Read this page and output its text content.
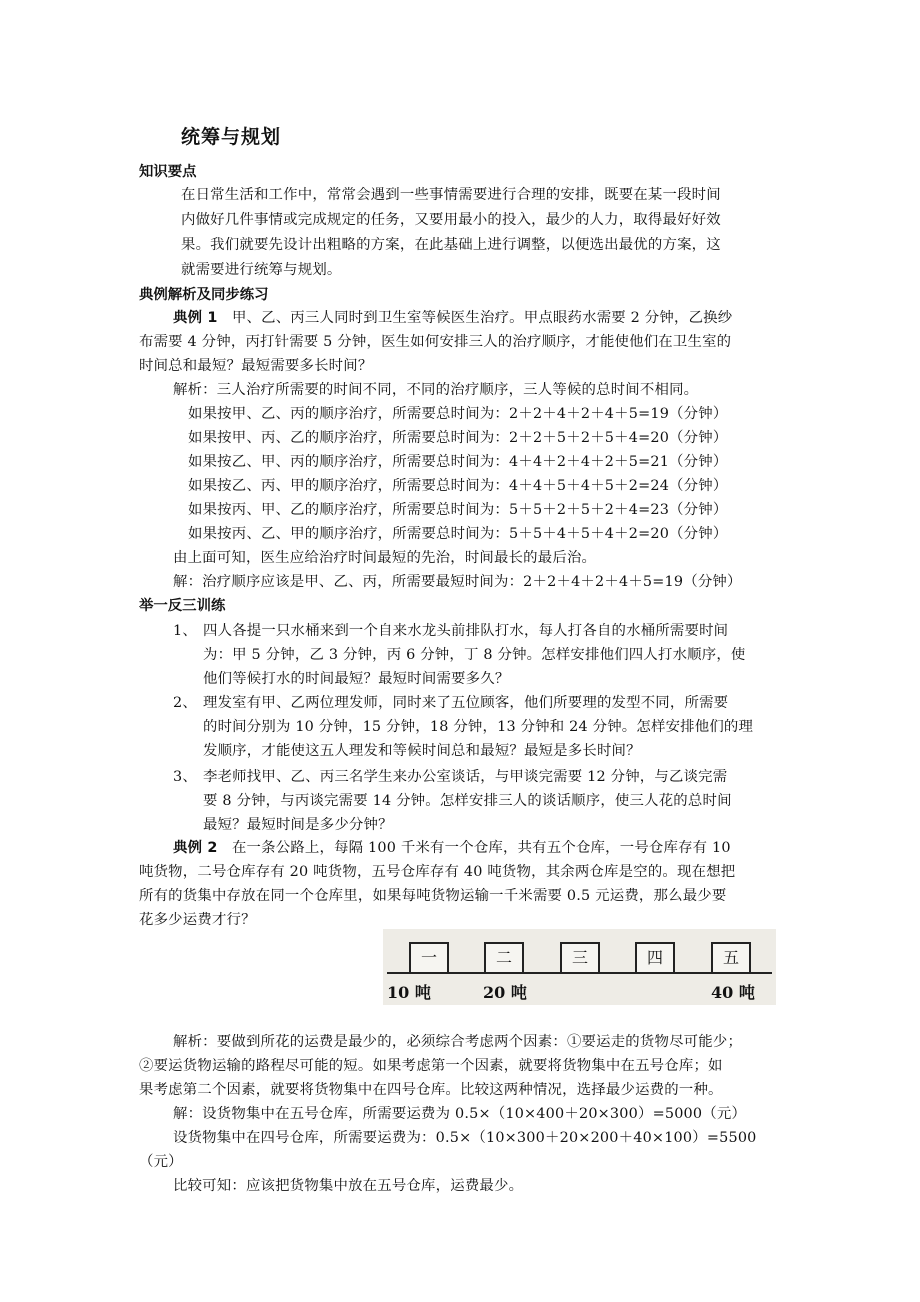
统筹与规划
知识要点
在日常生活和工作中，常常会遇到一些事情需要进行合理的安排，既要在某一段时间
内做好几件事情或完成规定的任务，又要用最小的投入，最少的人力，取得最好好效
果。我们就要先设计出粗略的方案，在此基础上进行调整，以便选出最优的方案，这
就需要进行统筹与规划。
典例解析及同步练习
典例 1 甲、乙、丙三人同时到卫生室等候医生治疗。甲点眼药水需要 2 分钟，乙换纱
布需要 4 分钟，丙打针需要 5 分钟，医生如何安排三人的治疗顺序，才能使他们在卫生室的
时间总和最短？最短需要多长时间？
解析：三人治疗所需要的时间不同，不同的治疗顺序，三人等候的总时间不相同。
如果按甲、乙、丙的顺序治疗，所需要总时间为：2＋2＋4＋2＋4＋5=19（分钟）
如果按甲、丙、乙的顺序治疗，所需要总时间为：2＋2＋5＋2＋5＋4=20（分钟）
如果按乙、甲、丙的顺序治疗，所需要总时间为：4＋4＋2＋4＋2＋5=21（分钟）
如果按乙、丙、甲的顺序治疗，所需要总时间为：4＋4＋5＋4＋5＋2=24（分钟）
如果按丙、甲、乙的顺序治疗，所需要总时间为：5＋5＋2＋5＋2＋4=23（分钟）
如果按丙、乙、甲的顺序治疗，所需要总时间为：5＋5＋4＋5＋4＋2=20（分钟）
由上面可知，医生应给治疗时间最短的先治，时间最长的最后治。
解：治疗顺序应该是甲、乙、丙，所需要最短时间为：2＋2＋4＋2＋4＋5=19（分钟）
举一反三训练
1、 四人各提一只水桶来到一个自来水龙头前排队打水，每人打各自的水桶所需要时间
为：甲 5 分钟，乙 3 分钟，丙 6 分钟，丁 8 分钟。怎样安排他们四人打水顺序，使
他们等候打水的时间最短？最短时间需要多久？
2、 理发室有甲、乙两位理发师，同时来了五位顾客，他们所要理的发型不同，所需要
的时间分别为 10 分钟，15 分钟，18 分钟，13 分钟和 24 分钟。怎样安排他们的理
发顺序，才能使这五人理发和等候时间总和最短？最短是多长时间？
3、 李老师找甲、乙、丙三名学生来办公室谈话，与甲谈完需要 12 分钟，与乙谈完需
要 8 分钟，与丙谈完需要 14 分钟。怎样安排三人的谈话顺序，使三人花的总时间
最短？最短时间是多少分钟？
典例 2 在一条公路上，每隔 100 千米有一个仓库，共有五个仓库，一号仓库存有 10
吨货物，二号仓库存有 20 吨货物，五号仓库存有 40 吨货物，其余两仓库是空的。现在想把
所有的货集中存放在同一个仓库里，如果每吨货物运输一千米需要 0.5 元运费，那么最少要
花多少运费才行？
一	二	三	四	五
10 吨	20 吨	40 吨
解析：要做到所花的运费是最少的，必须综合考虑两个因素：①要运走的货物尽可能少；
②要运货物运输的路程尽可能的短。如果考虑第一个因素，就要将货物集中在五号仓库；如
果考虑第二个因素，就要将货物集中在四号仓库。比较这两种情况，选择最少运费的一种。
解：设货物集中在五号仓库，所需要运费为 0.5×（10×400＋20×300）=5000（元）
设货物集中在四号仓库，所需要运费为：0.5×（10×300＋20×200＋40×100）=5500
（元）
比较可知：应该把货物集中放在五号仓库，运费最少。
